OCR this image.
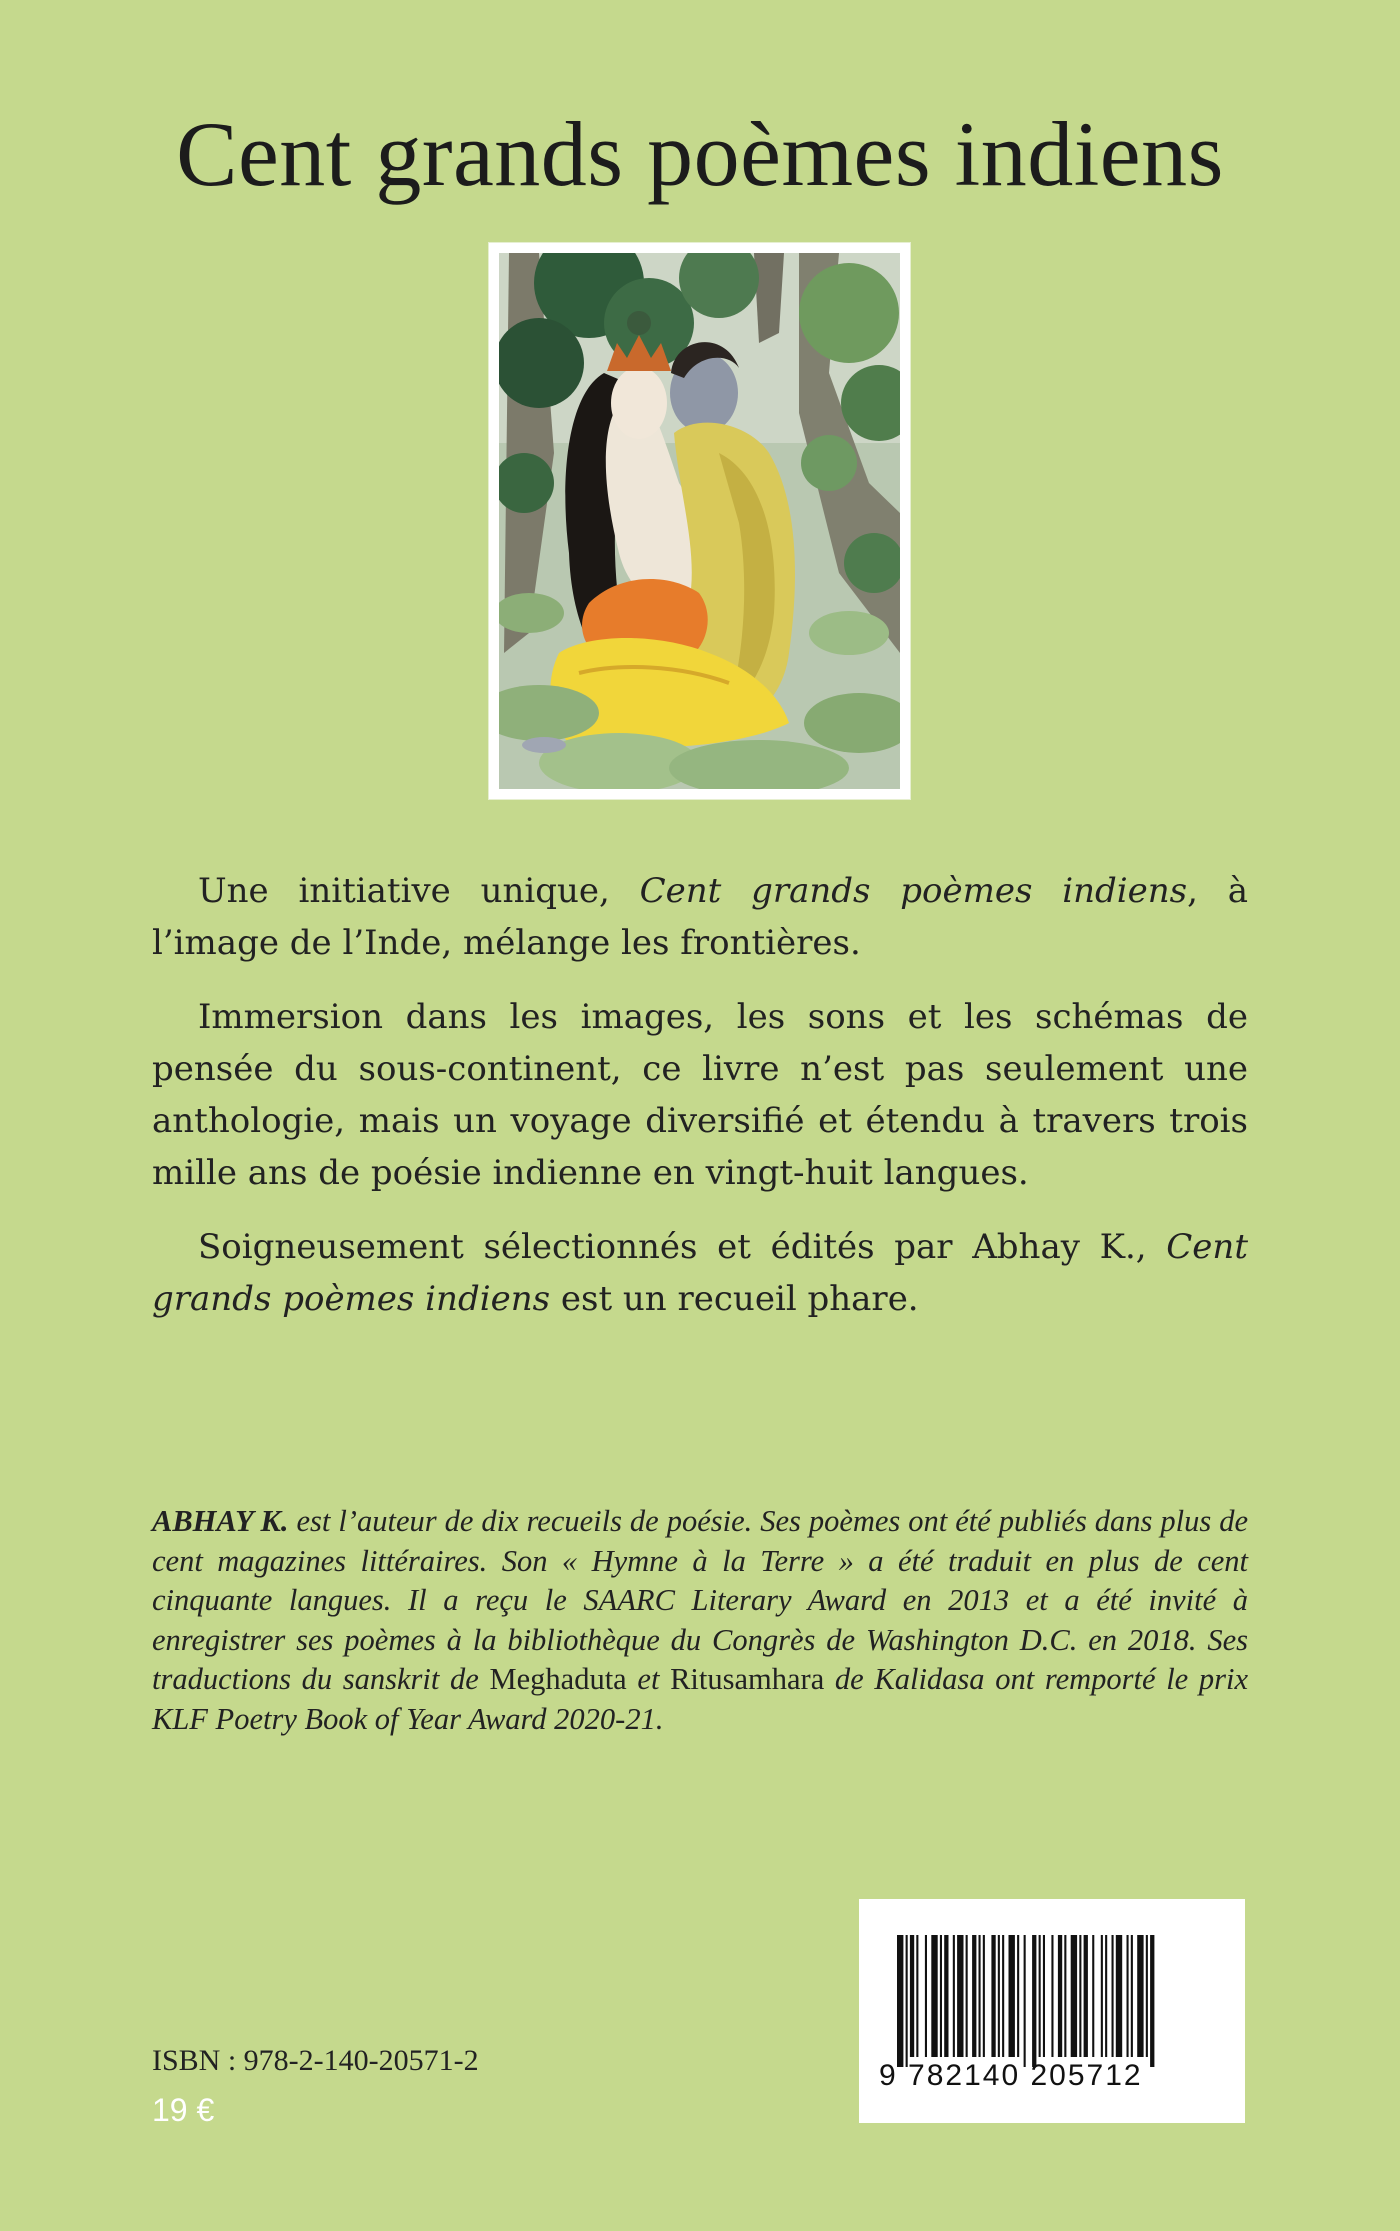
Cent grands poèmes indiens

Une initiative unique, Cent grands poèmes indiens, à l’image de l’Inde, mélange les frontières.

Immersion dans les images, les sons et les schémas de pensée du sous-continent, ce livre n’est pas seulement une anthologie, mais un voyage diversifié et étendu à travers trois mille ans de poésie indienne en vingt-huit langues.

Soigneusement sélectionnés et édités par Abhay K., Cent grands poèmes indiens est un recueil phare.

ABHAY K. est l’auteur de dix recueils de poésie. Ses poèmes ont été publiés dans plus de cent magazines littéraires. Son « Hymne à la Terre » a été traduit en plus de cent cinquante langues. Il a reçu le SAARC Literary Award en 2013 et a été invité à enregistrer ses poèmes à la bibliothèque du Congrès de Washington D.C. en 2018. Ses traductions du sanskrit de Meghaduta et Ritusamhara de Kalidasa ont remporté le prix KLF Poetry Book of Year Award 2020-21.
ISBN : 978-2-140-20571-2
19 €
9 782140 205712
